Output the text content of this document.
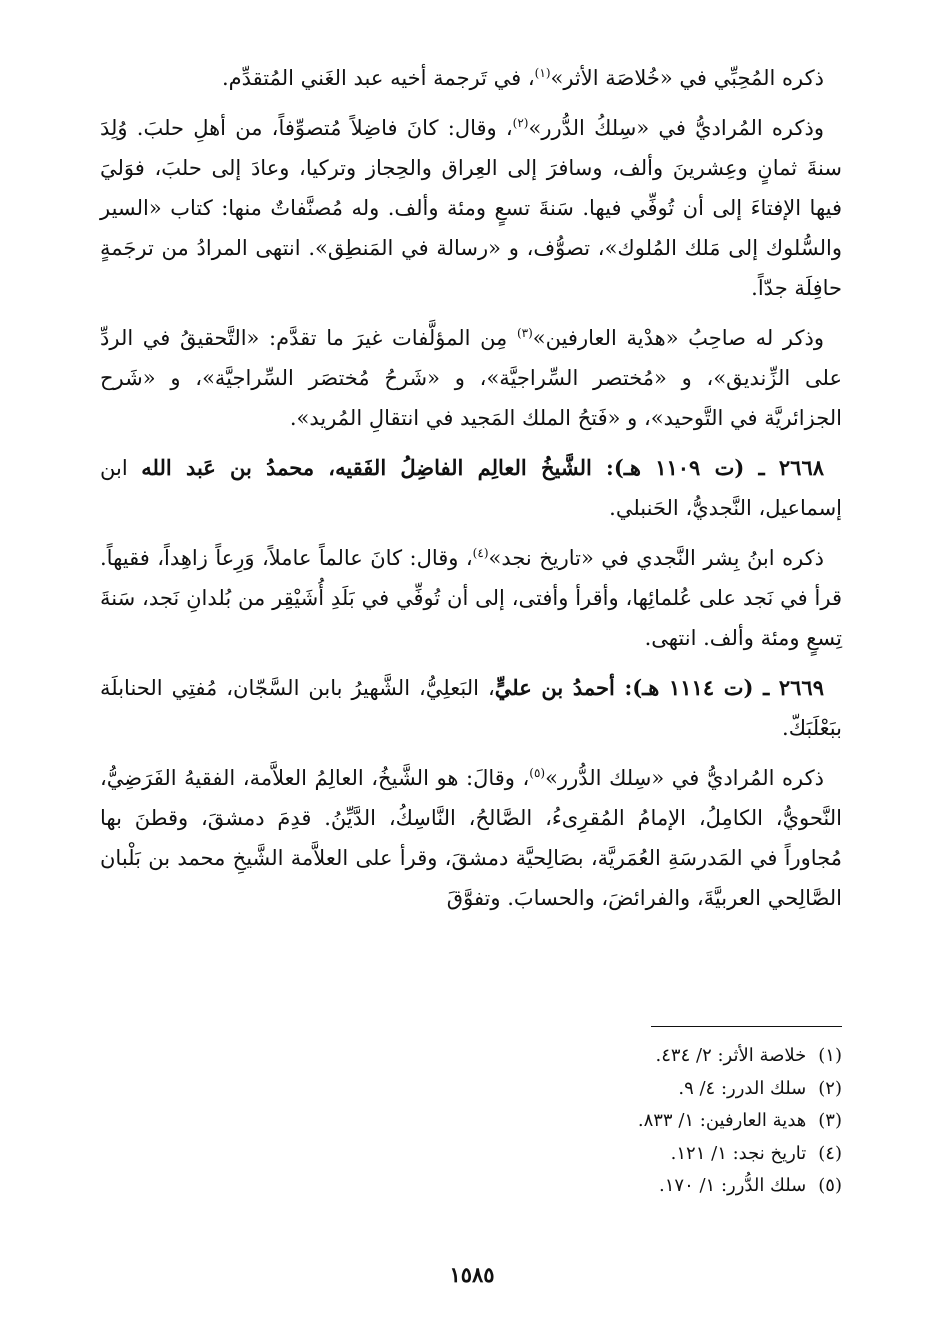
ذكره المُحِبِّي في «خُلاصَة الأثر»$^{(١)}$، في تَرجمة أخيه عبد الغَني المُتقدِّم.

وذكره المُراديُّ في «سِلكُ الدُّرر»$^{(٢)}$، وقال: كانَ فاضِلاً مُتصوِّفاً، من أهلِ حلبَ. وُلِدَ سنةَ ثمانٍ وعِشرينَ وألف، وسافرَ إلى العِراق والحِجاز وتركيا، وعادَ إلى حلبَ، فوَليَ فيها الإفتاءَ إلى أن تُوفِّي فيها. سَنةَ تسعٍ ومئة وألف. وله مُصنَّفاتٌ منها: كتاب «السير والسُّلوك إلى مَلك المُلوك»، تصوُّف، و «رسالة في المَنطِق». انتهى المرادُ من ترجَمةٍ حافِلَة جدّاً.

وذكر له صاحِبُ «هدْية العارفين»$^{(٣)}$ مِن المؤلَّفات غيرَ ما تقدَّم: «التَّحقيقُ في الردِّ على الزِّنديق»، و «مُختصر السِّراجيَّة»، و «شَرحُ مُختصَر السِّراجيَّة»، و «شَرح الجزائريَّة في التَّوحيد»، و «فَتحُ الملك المَجيد في انتقالِ المُريد».

٢٦٦٨ ـ (ت ١١٠٩ هـ): الشَّيخُ العالِم الفاضِلُ الفَقيه، محمدُ بن عَبد الله ابن إسماعيل، النَّجديُّ، الحَنبلي.

ذكره ابنُ بِشر النَّجدي في «تاريخ نجد»$^{(٤)}$، وقال: كانَ عالماً عاملاً، وَرِعاً زاهِداً، فقيهاً. قرأ في نَجد على عُلمائِها، وأقرأ وأفتى، إلى أن تُوفِّي في بَلَدِ أُشَيْقِر من بُلدانِ نَجد، سَنةَ تِسعٍ ومئة وألف. انتهى.

٢٦٦٩ ـ (ت ١١١٤ هـ): أحمدُ بن عليٍّ، البَعلِيُّ، الشَّهيرُ بابن السَّجّان، مُفتِي الحنابلَة ببَعْلَبَكّ.

ذكره المُراديُّ في «سِلك الدُّرر»$^{(٥)}$، وقالَ: هو الشَّيخُ، العالِمُ العلاَّمة، الفقيهُ الفَرَضِيُّ، النَّحويُّ، الكامِلُ، الإمامُ المُقرِىءُ، الصَّالحُ، النَّاسِكُ، الدَّيِّنُ. قدِمَ دمشقَ، وقطنَ بها مُجاوراً في المَدرسَةِ العُمَريَّة، بصَالِحيَّة دمشقَ، وقرأ على العلاَّمة الشَّيخِ محمد بن بَلْبان الصَّالِحي العربيَّةَ، والفرائضَ، والحسابَ. وتفوَّقَ

(١)خلاصة الأثر: ٢/ ٤٣٤.
(٢)سلك الدرر: ٤/ ٩.
(٣)هدية العارفين: ١/ ٨٣٣.
(٤)تاريخ نجد: ١/ ١٢١.
(٥)سلك الدُّرر: ١/ ١٧٠.
١٥٨٥
